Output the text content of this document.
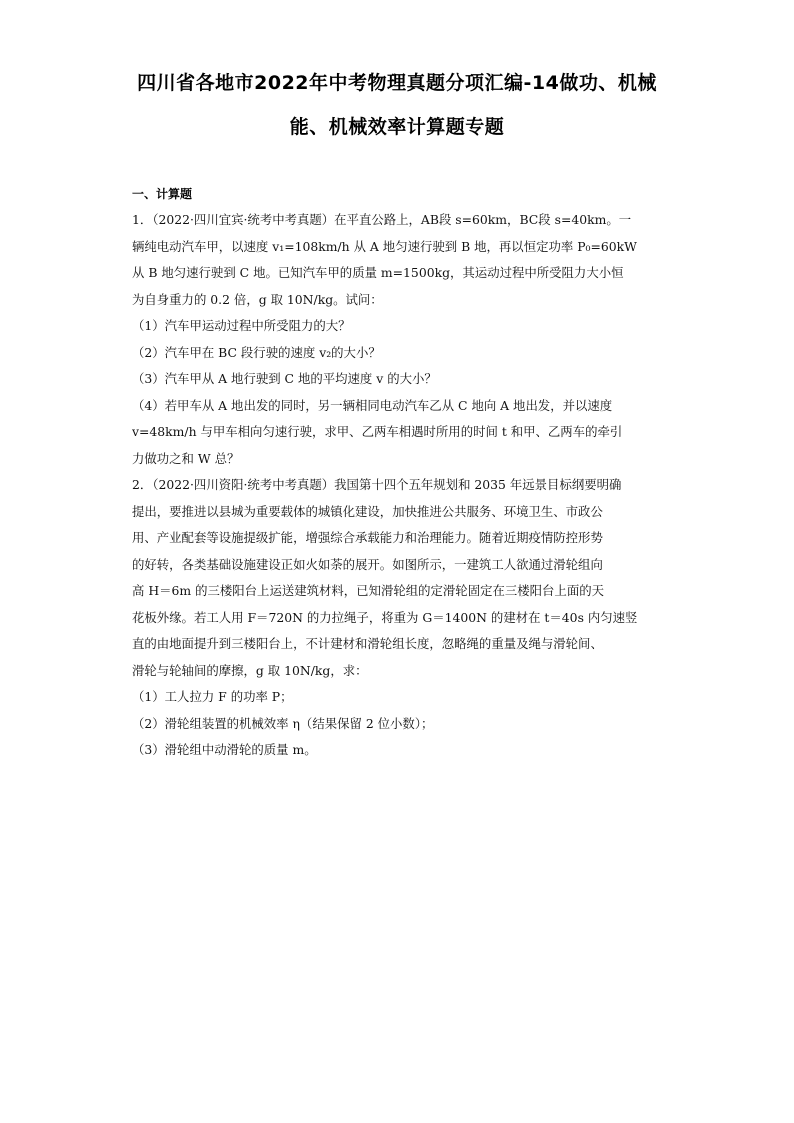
四川省各地市2022年中考物理真题分项汇编-14做功、机械
能、机械效率计算题专题
一、计算题
1．（2022·四川宜宾·统考中考真题）在平直公路上，AB段 s=60km，BC段 s=40km。一
辆纯电动汽车甲，以速度 v₁=108km/h 从 A 地匀速行驶到 B 地，再以恒定功率 P₀=60kW
从 B 地匀速行驶到 C 地。已知汽车甲的质量 m=1500kg，其运动过程中所受阻力大小恒
为自身重力的 0.2 倍，g 取 10N/kg。试问：
（1）汽车甲运动过程中所受阻力的大？
（2）汽车甲在 BC 段行驶的速度 v₂的大小？
（3）汽车甲从 A 地行驶到 C 地的平均速度 v 的大小？
（4）若甲车从 A 地出发的同时，另一辆相同电动汽车乙从 C 地向 A 地出发，并以速度
v=48km/h 与甲车相向匀速行驶，求甲、乙两车相遇时所用的时间 t 和甲、乙两车的牵引
力做功之和 W 总？
2．（2022·四川资阳·统考中考真题）我国第十四个五年规划和 2035 年远景目标纲要明确
提出，要推进以县城为重要载体的城镇化建设，加快推进公共服务、环境卫生、市政公
用、产业配套等设施提级扩能，增强综合承载能力和治理能力。随着近期疫情防控形势
的好转，各类基础设施建设正如火如荼的展开。如图所示，一建筑工人欲通过滑轮组向
高 H＝6m 的三楼阳台上运送建筑材料，已知滑轮组的定滑轮固定在三楼阳台上面的天
花板外缘。若工人用 F＝720N 的力拉绳子，将重为 G＝1400N 的建材在 t＝40s 内匀速竖
直的由地面提升到三楼阳台上，不计建材和滑轮组长度，忽略绳的重量及绳与滑轮间、
滑轮与轮轴间的摩擦，g 取 10N/kg，求：
（1）工人拉力 F 的功率 P；
（2）滑轮组装置的机械效率 η（结果保留 2 位小数）；
（3）滑轮组中动滑轮的质量 m。
